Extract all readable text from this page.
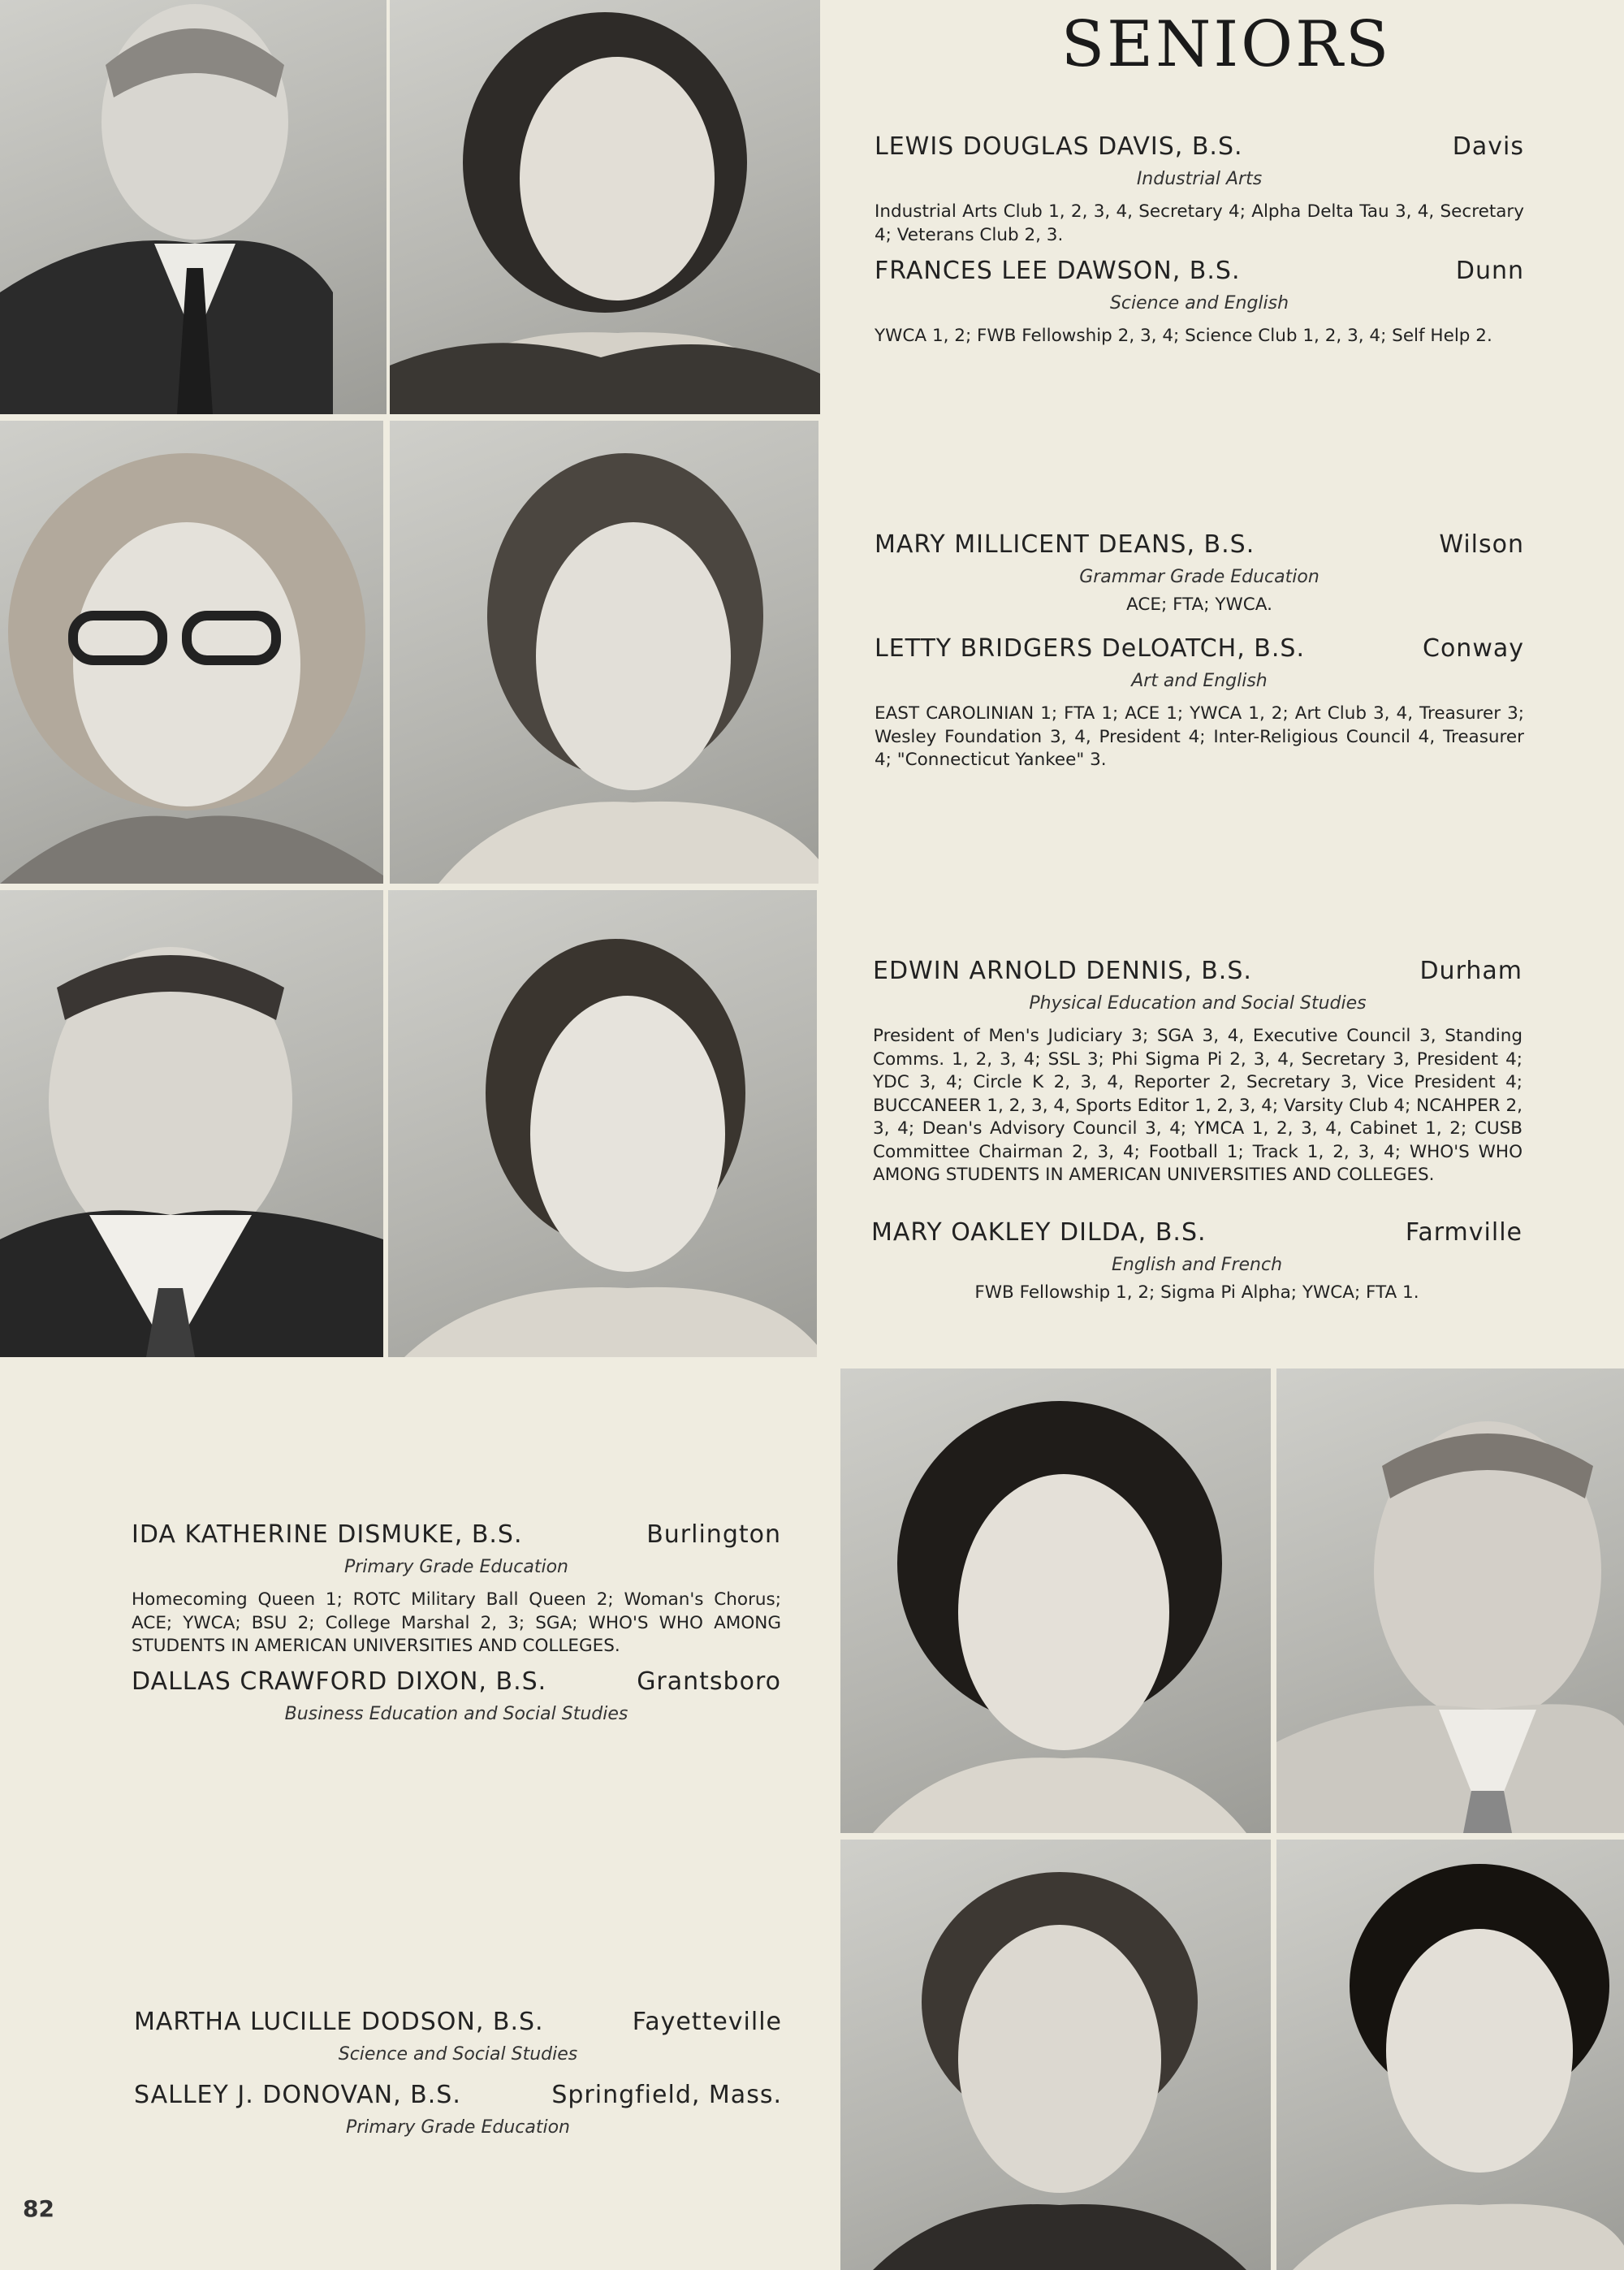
SENIORS
LEWIS DOUGLAS DAVIS, B.S.	Davis
Industrial Arts
Industrial Arts Club 1, 2, 3, 4, Secretary 4; Alpha Delta Tau 3, 4, Secretary 4; Veterans Club 2, 3.
FRANCES LEE DAWSON, B.S.	Dunn
Science and English
YWCA 1, 2; FWB Fellowship 2, 3, 4; Science Club 1, 2, 3, 4; Self Help 2.
MARY MILLICENT DEANS, B.S.	Wilson
Grammar Grade Education
ACE; FTA; YWCA.
LETTY BRIDGERS DeLOATCH, B.S.	Conway
Art and English
EAST CAROLINIAN 1; FTA 1; ACE 1; YWCA 1, 2; Art Club 3, 4, Treasurer 3; Wesley Foundation 3, 4, President 4; Inter-Religious Council 4, Treasurer 4; "Connecticut Yankee" 3.
EDWIN ARNOLD DENNIS, B.S.	Durham
Physical Education and Social Studies
President of Men's Judiciary 3; SGA 3, 4, Executive Council 3, Standing Comms. 1, 2, 3, 4; SSL 3; Phi Sigma Pi 2, 3, 4, Secretary 3, President 4; YDC 3, 4; Circle K 2, 3, 4, Reporter 2, Secretary 3, Vice President 4; BUCCANEER 1, 2, 3, 4, Sports Editor 1, 2, 3, 4; Varsity Club 4; NCAHPER 2, 3, 4; Dean's Advisory Council 3, 4; YMCA 1, 2, 3, 4, Cabinet 1, 2; CUSB Committee Chairman 2, 3, 4; Football 1; Track 1, 2, 3, 4; WHO'S WHO AMONG STUDENTS IN AMERICAN UNIVERSITIES AND COLLEGES.
MARY OAKLEY DILDA, B.S.	Farmville
English and French
FWB Fellowship 1, 2; Sigma Pi Alpha; YWCA; FTA 1.
IDA KATHERINE DISMUKE, B.S.	Burlington
Primary Grade Education
Homecoming Queen 1; ROTC Military Ball Queen 2; Woman's Chorus; ACE; YWCA; BSU 2; College Marshal 2, 3; SGA; WHO'S WHO AMONG STUDENTS IN AMERICAN UNIVERSITIES AND COLLEGES.
DALLAS CRAWFORD DIXON, B.S.	Grantsboro
Business Education and Social Studies
MARTHA LUCILLE DODSON, B.S.	Fayetteville
Science and Social Studies
SALLEY J. DONOVAN, B.S.	Springfield, Mass.
Primary Grade Education
82
